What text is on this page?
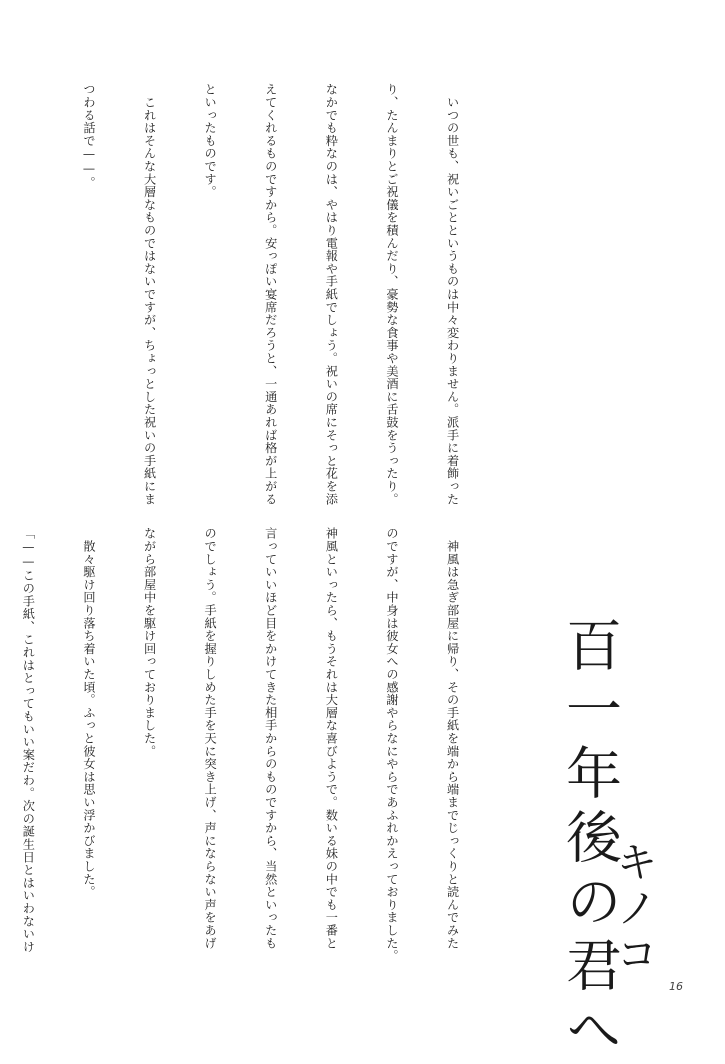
　いつの世も、祝いごとというものは中々変わりません。派手に着飾った

り、たんまりとご祝儀を積んだり、豪勢な食事や美酒に舌鼓をうったり。

なかでも粋なのは、やはり電報や手紙でしょう。祝いの席にそっと花を添

えてくれるものですから。安っぽい宴席だろうと、一通あれば格が上がる

といったものです。

　これはそんな大層なものではないですが、ちょっとした祝いの手紙にま

つわる話で——。

　神風は急ぎ部屋に帰り、その手紙を端から端までじっくりと読んでみた

のですが、中身は彼女への感謝やらなにやらであふれかえっておりました。

神風といったら、もうそれは大層な喜びようで。数いる妹の中でも一番と

言っていいほど目をかけてきた相手からのものですから、当然といったも

のでしょう。手紙を握りしめた手を天に突き上げ、声にならない声をあげ

ながら部屋中を駆け回っておりました。

　散々駆け回り落ち着いた頃。ふっと彼女は思い浮かびました。

「——この手紙、これはとってもいい案だわ。次の誕生日とはいわないけ

	百一年後の君へ
キノコ
16
